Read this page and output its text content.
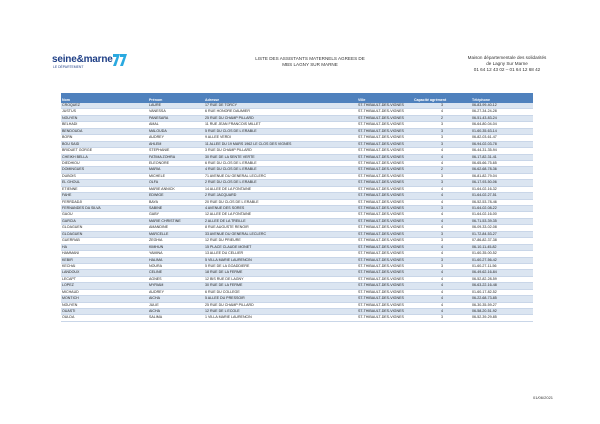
seine&marne
LE DÉPARTEMENT
LISTE DES ASSISTANTS MATERNELS AGREES DE
MBS LAGNY SUR MARNE
Maison départementale des solidarités
de Lagny Sur Marne
01 64 12 43 02 – 01 64 12 68 42
Nom	Prénom	Adresse	Ville	Capacité agrément	Téléphone
CROQUEZ	LAURE	17 RUE DE TORCY	ST-THIBAULT-DES-VIGNES	3	06-83-99-40-12
JUSTUS	VANESSA	6 RUE HONORE DAUMIER	ST-THIBAULT-DES-VIGNES	4	06-27-34-24-28
NGUYEN	PANESARA	25 RUE DU CHAMP PILLARD	ST-THIBAULT-DES-VIGNES	2	06-51-43-83-24
BELHADI	AMAL	11 RUE JEAN FRANCOIS MILLET	ST-THIBAULT-DES-VIGNES	3	06-64-80-04-04
BENDOUDA	MALOUDA	5 RUE DU CLOS DE L ERABLE	ST-THIBAULT-DES-VIGNES	3	01-60-35-63-14
BORN	AUDREY	9 ALLEE VERDI	ST-THIBAULT-DES-VIGNES	3	06-82-03-61-47
BOU SAID	AHLEM	11 ALLEE DU 19 MARS 1962 LE CLOS DES VIGNES	ST-THIBAULT-DES-VIGNES	3	06-94-02-03-78
BRIDUET GORGE	STEPHANIE	3 RUE DU CHAMP PILLARD	ST-THIBAULT-DES-VIGNES	4	06-44-31-35-94
CHEIKH BELLA	FATIMA ZOHRA	30 RUE DE LA SENTE VERTE	ST-THIBAULT-DES-VIGNES	4	06-17-82-31-41
DIEDHIOU	ELEONORE	6 RUE DU CLOS DE L ERABLE	ST-THIBAULT-DES-VIGNES	4	06-65-66-75-65
DOMINGUES	MARIA	4 RUE DU CLOS DE L ERABLE	ST-THIBAULT-DES-VIGNES	2	06-62-68-78-36
DUBOIS	MICHELE	71 AVENUE DU GENERAL LECLERC	ST-THIBAULT-DES-VIGNES	3	06-81-82-79-04
EL GHOUL	OLFA	2 RUE DU CLOS DE L ERABLE	ST-THIBAULT-DES-VIGNES	3	06-17-93-50-06
ETIENNE	MARIE ANNICK	14 ALLEE DE LA FONTAINE	ST-THIBAULT-DES-VIGNES	4	01-64-02-16-32
FAHE	EDWIGE	2 RUE JACQUARD	ST-THIBAULT-DES-VIGNES	4	01-64-02-27-51
FERRDADJI	BAYA	20 RUE DU CLOS DE L ERABLE	ST-THIBAULT-DES-VIGNES	4	06-52-53-78-46
FERNANDES DA SILVA	SABINE	4 AVENUE DES SORES	ST-THIBAULT-DES-VIGNES	3	01-64-02-08-22
GAOU	GABY	12 ALLEE DE LA FONTAINE	ST-THIBAULT-DES-VIGNES	4	01-64-02-16-00
GARCIA	MARIE CHRISTINE	2 ALLEE DE LA TREILLE	ST-THIBAULT-DES-VIGNES	4	06-71-53-39-35
GLOAGUEN	AMANDINE	8 RUE AUGUSTE RENOIR	ST-THIBAULT-DES-VIGNES	4	06-09-33-02-08
GLOAGUEN	MARCELLE	33 AVENUE DU GENERAL LECLERC	ST-THIBAULT-DES-VIGNES	3	01-72-84-53-27
GUERRAB	ZEGHIA	12 RUE DU PRIEURE	ST-THIBAULT-DES-VIGNES	3	07-86-82-37-38
HA	KIMHUN	15 PLACE CLAUDE MONET	ST-THIBAULT-DES-VIGNES	4	06-10-11-45-82
HAMMANI	YAMINA	13 ALLEE DU CELLIER	ST-THIBAULT-DES-VIGNES	4	01-60-35-00-52
KEBIR	HALIMA	5 VILLA MARIE LAURENCIN	ST-THIBAULT-DES-VIGNES	3	01-60-27-56-42
KECHAI	NOURA	5 RUE DE LA GOADDIERE	ST-THIBAULT-DES-VIGNES	3	01-60-27-11-56
LANDOUX	CELINE	18 RUE DE LA FERME	ST-THIBAULT-DES-VIGNES	4	06-49-62-16-84
LECAPT	AGNES	12 BIS RUE DE LAGNY	ST-THIBAULT-DES-VIGNES	4	06-52-82-28-59
LOPEZ	MYRIAM	30 RUE DE LA FERME	ST-THIBAULT-DES-VIGNES	4	06-63-22-16-48
MICHAUD	AUDREY	6 RUE DU COLLEGE	ST-THIBAULT-DES-VIGNES	4	01-60-17-82-52
MONTICH	AICHA	5 ALLEE DU PRESSOIR	ST-THIBAULT-DES-VIGNES	4	06-22-68-73-85
NGUYEN	JULIE	25 RUE DU CHAMP PILLARD	ST-THIBAULT-DES-VIGNES	4	06-30-35-59-27
OUASTI	AICHA	12 RUE DE L ECOLE	ST-THIBAULT-DES-VIGNES	4	06-58-20-51-92
OULDA	SALIMA	1 VILLA MARIE LAURENCIN	ST-THIBAULT-DES-VIGNES	3	06-52-39-29-85
01/06/2021
